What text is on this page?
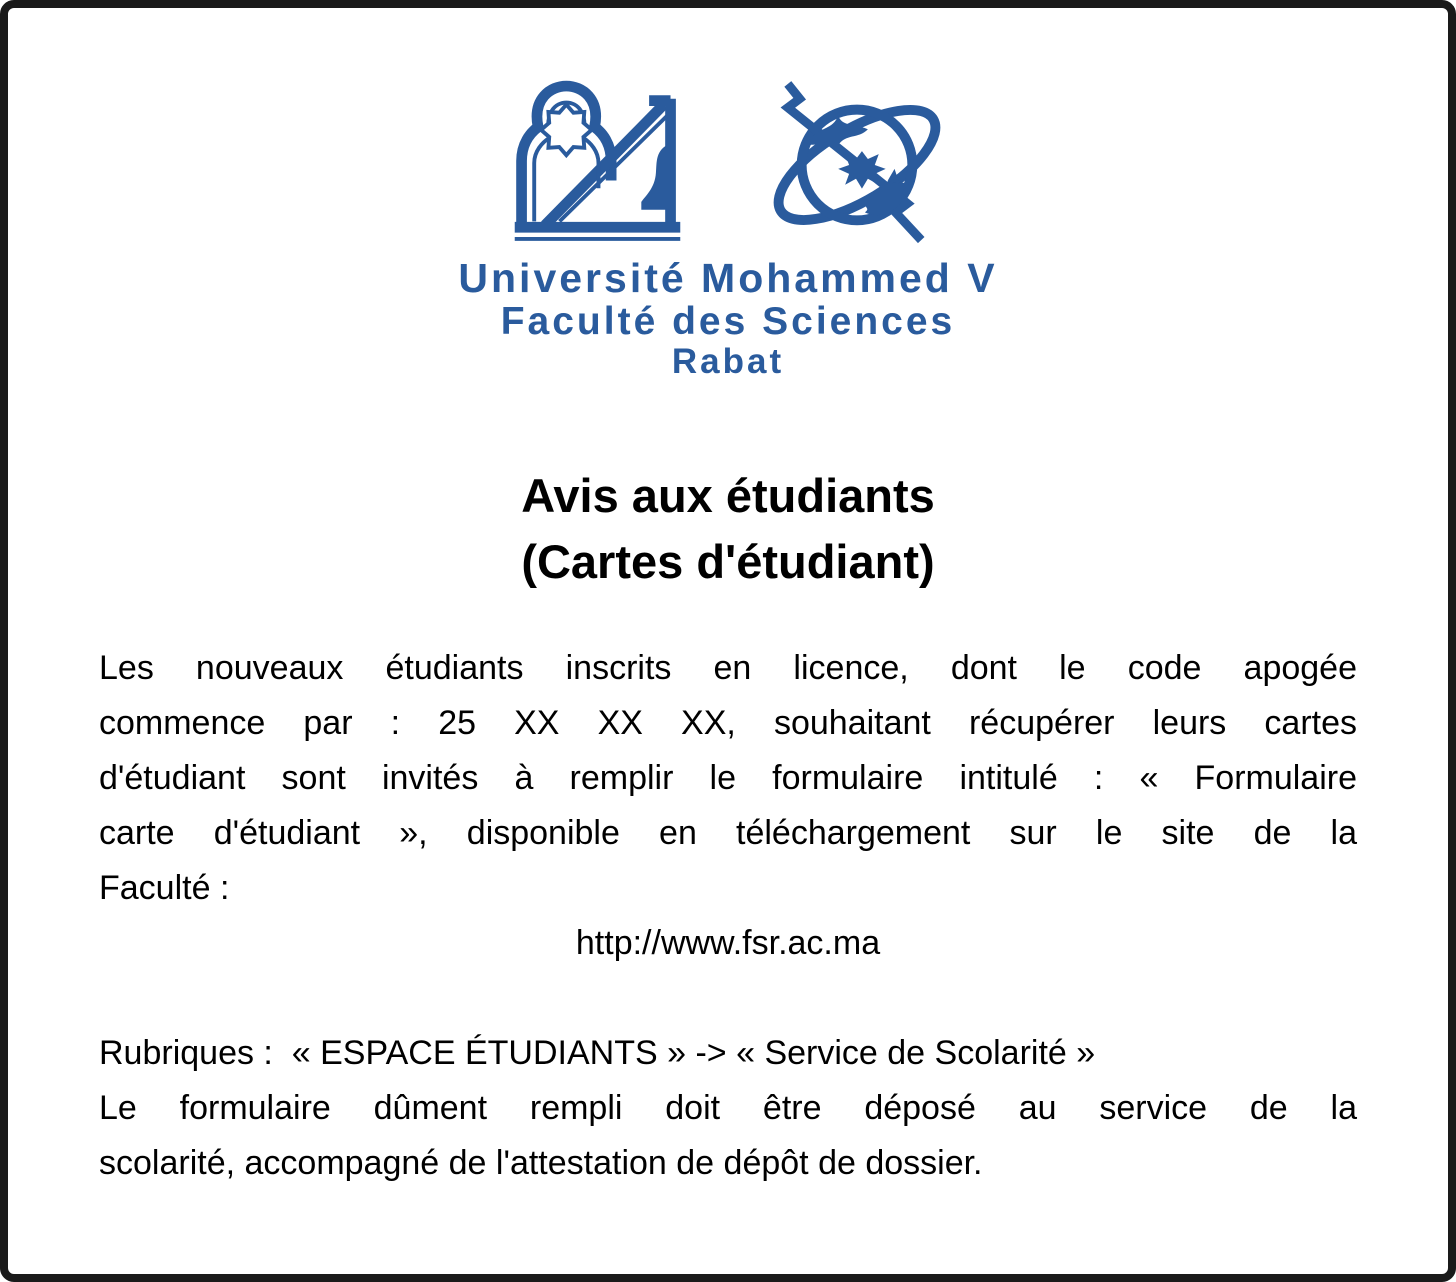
Université Mohammed V
Faculté des Sciences
Rabat
Avis aux étudiants
(Cartes d'étudiant)
Les nouveaux étudiants inscrits en licence, dont le code apogée
commence par : 25 XX XX XX, souhaitant récupérer leurs cartes
d'étudiant sont invités à remplir le formulaire intitulé : « Formulaire
carte d'étudiant », disponible en téléchargement sur le site de la
Faculté :
http://www.fsr.ac.ma
Rubriques :  « ESPACE ÉTUDIANTS » -> « Service de Scolarité »
Le formulaire dûment rempli doit être déposé au service de la
scolarité, accompagné de l'attestation de dépôt de dossier.
